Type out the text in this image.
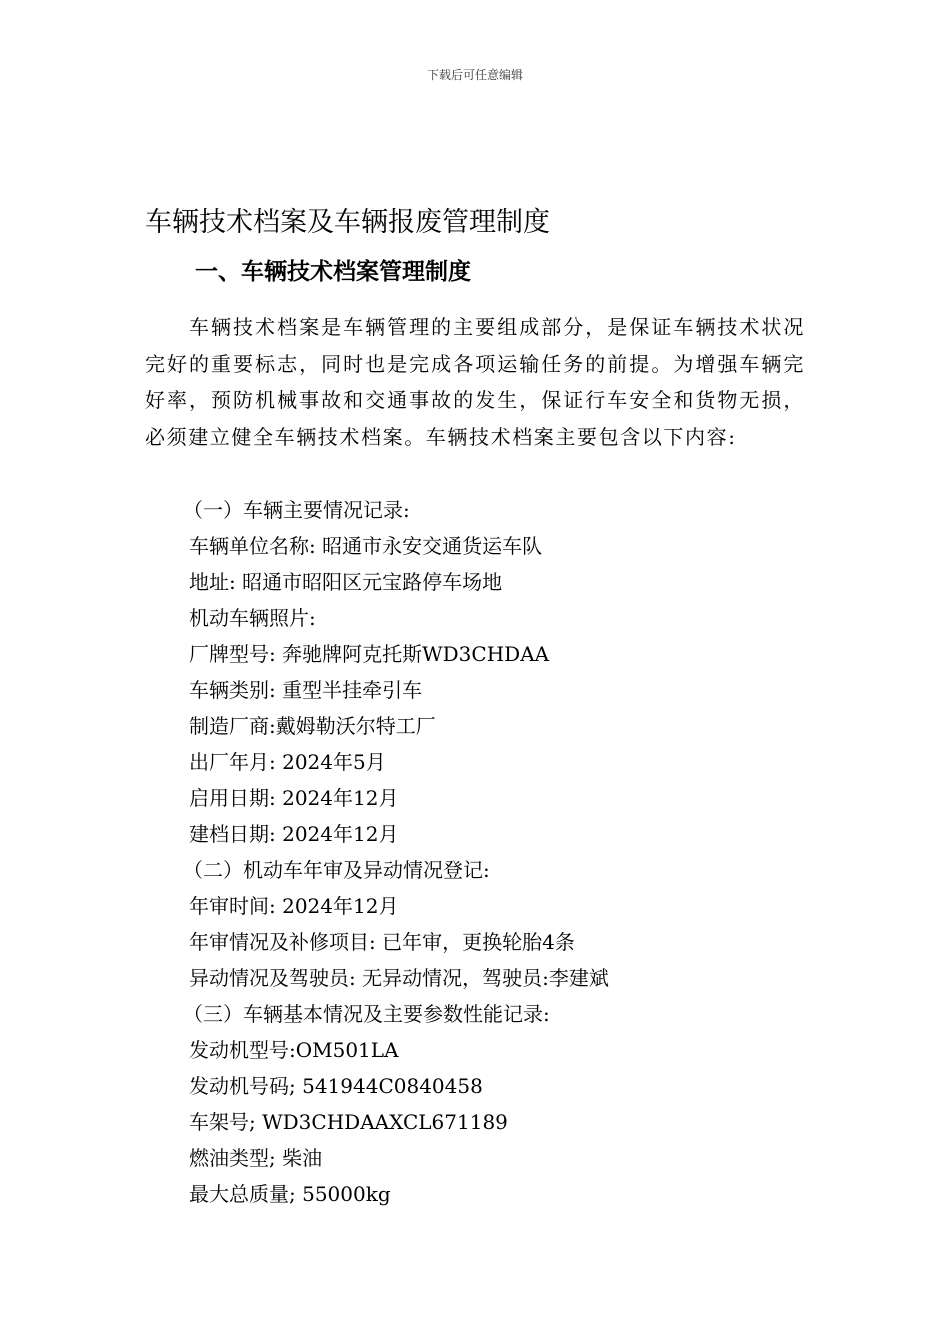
下载后可任意编辑
车辆技术档案及车辆报废管理制度
一、车辆技术档案管理制度
车辆技术档案是车辆管理的主要组成部分，是保证车辆技术状况完好的重要标志，同时也是完成各项运输任务的前提。为增强车辆完好率，预防机械事故和交通事故的发生，保证行车安全和货物无损，必须建立健全车辆技术档案。车辆技术档案主要包含以下内容:
（一）车辆主要情况记录:
车辆单位名称: 昭通市永安交通货运车队
地址: 昭通市昭阳区元宝路停车场地
机动车辆照片:
厂牌型号: 奔驰牌阿克托斯WD3CHDAA
车辆类别: 重型半挂牵引车
制造厂商:戴姆勒沃尔特工厂
出厂年月: 2024年5月
启用日期: 2024年12月
建档日期: 2024年12月
（二）机动车年审及异动情况登记:
年审时间: 2024年12月
年审情况及补修项目: 已年审，更换轮胎4条
异动情况及驾驶员: 无异动情况，驾驶员:李建斌
（三）车辆基本情况及主要参数性能记录:
发动机型号:OM501LA
发动机号码; 541944C0840458
车架号; WD3CHDAAXCL671189
燃油类型; 柴油
最大总质量; 55000kg
